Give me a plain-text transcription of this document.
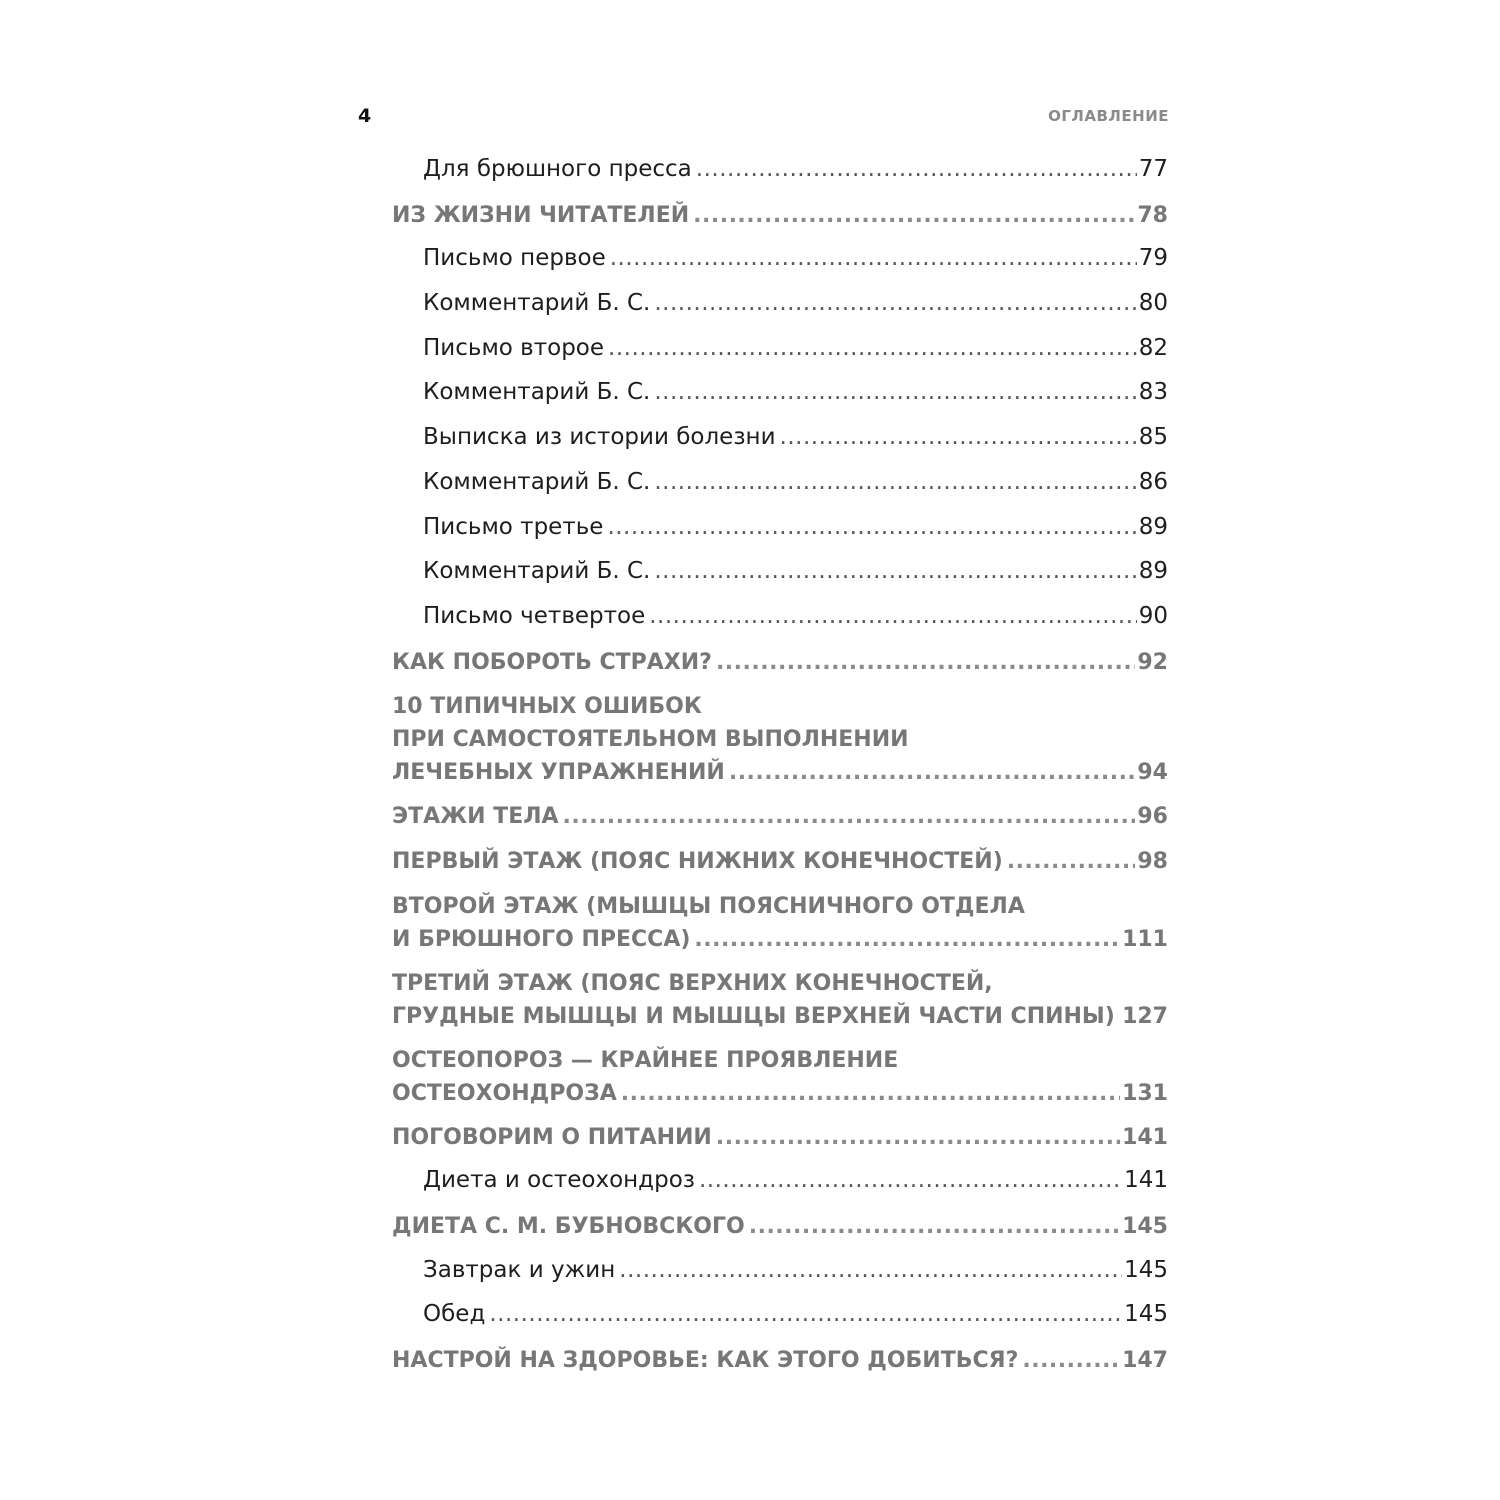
4	ОГЛАВЛЕНИЕ
Для брюшного пресса .....	77
ИЗ ЖИЗНИ ЧИТАТЕЛЕЙ .....	78
Письмо первое .....	79
Комментарий Б. С. .....	80
Письмо второе .....	82
Комментарий Б. С. .....	83
Выписка из истории болезни .....	85
Комментарий Б. С. .....	86
Письмо третье .....	89
Комментарий Б. С. .....	89
Письмо четвертое .....	90
КАК ПОБОРОТЬ СТРАХИ? .....	92
10 ТИПИЧНЫХ ОШИБОК
ПРИ САМОСТОЯТЕЛЬНОМ ВЫПОЛНЕНИИ
ЛЕЧЕБНЫХ УПРАЖНЕНИЙ .....	94
ЭТАЖИ ТЕЛА .....	96
ПЕРВЫЙ ЭТАЖ (ПОЯС НИЖНИХ КОНЕЧНОСТЕЙ) .....	98
ВТОРОЙ ЭТАЖ (МЫШЦЫ ПОЯСНИЧНОГО ОТДЕЛА
И БРЮШНОГО ПРЕССА) .....	111
ТРЕТИЙ ЭТАЖ (ПОЯС ВЕРХНИХ КОНЕЧНОСТЕЙ,
ГРУДНЫЕ МЫШЦЫ И МЫШЦЫ ВЕРХНЕЙ ЧАСТИ СПИНЫ) ..... 127
ОСТЕОПОРОЗ — КРАЙНЕЕ ПРОЯВЛЕНИЕ
ОСТЕОХОНДРОЗА .....	131
ПОГОВОРИМ О ПИТАНИИ .....	141
Диета и остеохондроз .....	141
ДИЕТА С. М. БУБНОВСКОГО .....	145
Завтрак и ужин .....	145
Обед .....	145
НАСТРОЙ НА ЗДОРОВЬЕ: КАК ЭТОГО ДОБИТЬСЯ? .....	147
